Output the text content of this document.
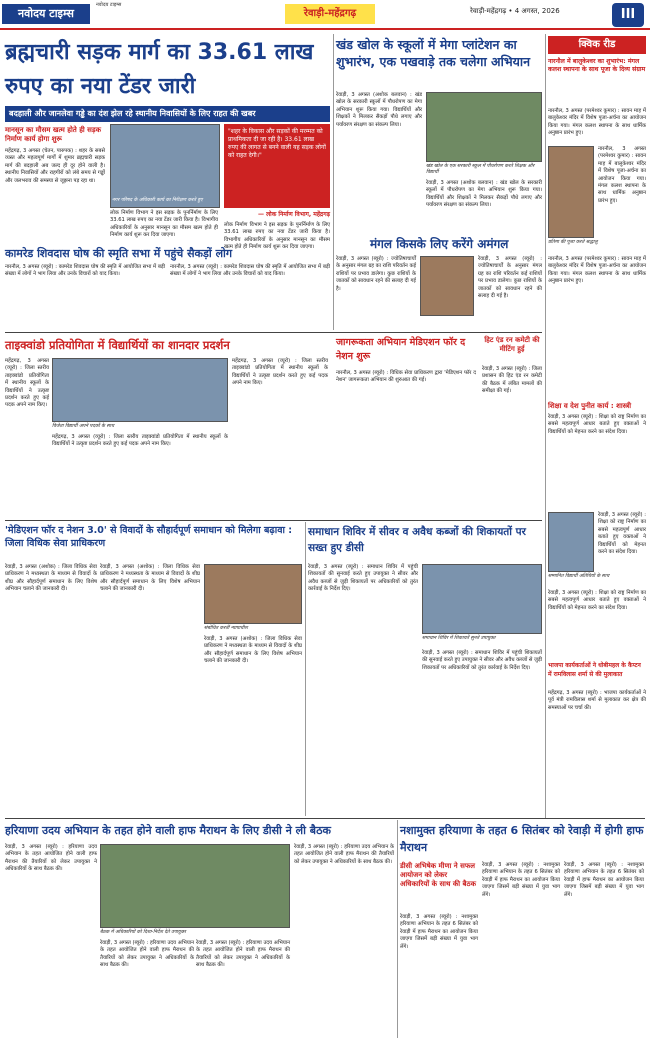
नवोदय टाइम्स
नवोदय टाइम्स
रेवाड़ी-महेंद्रगढ़	रेवाड़ी-महेंद्रगढ़ • 4 अगस्त, 2026	III
ब्रह्मचारी सड़क मार्ग का 33.61 लाख रुपए का नया टेंडर जारी
बदहाली और जानलेवा गड्ढे का दंश झेल रहे स्थानीय निवासियों के लिए राहत की खबर
मानसून का मौसम खत्म होते ही सड़क निर्माण कार्य होगा शुरू
महेंद्रगढ़, 3 अगस्त (चेतन, पारुपक) : शहर के सबसे व्यस्त और महत्वपूर्ण मार्गों में शुमार ब्रह्मचारी सड़क मार्ग की बदहाली अब जल्द ही दूर होने वाली है। स्थानीय निवासियों और राहगीरों को लंबे समय से गड्ढों और जलभराव की समस्या से जूझना पड़ रहा था।
लोक निर्माण विभाग ने इस सड़क के पुनर्निर्माण के लिए 33.61 लाख रुपए का नया टेंडर जारी किया है। विभागीय अधिकारियों के अनुसार मानसून का मौसम खत्म होते ही निर्माण कार्य शुरू कर दिया जाएगा।
नगर परिषद के अधिकारी कार्य का निरीक्षण करते हुए
"शहर के विकास और सड़कों की मरम्मत को प्राथमिकता दी जा रही है। 33.61 लाख रुपए की लागत से बनने वाली यह सड़क लोगों को राहत देगी।"
— लोक निर्माण विभाग, महेंद्रगढ़
लोक निर्माण विभाग ने इस सड़क के पुनर्निर्माण के लिए 33.61 लाख रुपए का नया टेंडर जारी किया है। विभागीय अधिकारियों के अनुसार मानसून का मौसम खत्म होते ही निर्माण कार्य शुरू कर दिया जाएगा।
खंड खोल के स्कूलों में मेगा प्लांटेशन का शुभारंभ, एक पखवाड़े तक चलेगा अभियान
रेवाड़ी, 3 अगस्त (अशोक बलवान) : खंड खोल के सरकारी स्कूलों में पौधरोपण का मेगा अभियान शुरू किया गया। विद्यार्थियों और शिक्षकों ने मिलकर सैकड़ों पौधे लगाए और पर्यावरण संरक्षण का संकल्प लिया।
खंड खोल के एक सरकारी स्कूल में पौधरोपण करते शिक्षक और विद्यार्थी
रेवाड़ी, 3 अगस्त (अशोक बलवान) : खंड खोल के सरकारी स्कूलों में पौधरोपण का मेगा अभियान शुरू किया गया। विद्यार्थियों और शिक्षकों ने मिलकर सैकड़ों पौधे लगाए और पर्यावरण संरक्षण का संकल्प लिया।
मंगल किसके लिए करेंगे अमंगल
रेवाड़ी, 3 अगस्त (ब्यूरो) : ज्योतिषाचार्यों के अनुसार मंगल ग्रह का राशि परिवर्तन कई राशियों पर प्रभाव डालेगा। कुछ राशियों के जातकों को सावधान रहने की सलाह दी गई है।
रेवाड़ी, 3 अगस्त (ब्यूरो) : ज्योतिषाचार्यों के अनुसार मंगल ग्रह का राशि परिवर्तन कई राशियों पर प्रभाव डालेगा। कुछ राशियों के जातकों को सावधान रहने की सलाह दी गई है।
कामरेड शिवदास घोष की स्मृति सभा में पहुंचे सैकड़ों लोग
नारनौल, 3 अगस्त (ब्यूरो) : कामरेड शिवदास घोष की स्मृति में आयोजित सभा में बड़ी संख्या में लोगों ने भाग लिया और उनके विचारों को याद किया।
नारनौल, 3 अगस्त (ब्यूरो) : कामरेड शिवदास घोष की स्मृति में आयोजित सभा में बड़ी संख्या में लोगों ने भाग लिया और उनके विचारों को याद किया।
ताइक्वांडो प्रतियोगिता में विद्यार्थियों का शानदार प्रदर्शन
विजेता विद्यार्थी अपने पदकों के साथ
महेंद्रगढ़, 3 अगस्त (व्यूरो) : जिला स्तरीय ताइक्वांडो प्रतियोगिता में स्थानीय स्कूलों के विद्यार्थियों ने उत्कृष्ट प्रदर्शन करते हुए कई पदक अपने नाम किए।
महेंद्रगढ़, 3 अगस्त (व्यूरो) : जिला स्तरीय ताइक्वांडो प्रतियोगिता में स्थानीय स्कूलों के विद्यार्थियों ने उत्कृष्ट प्रदर्शन करते हुए कई पदक अपने नाम किए।
महेंद्रगढ़, 3 अगस्त (व्यूरो) : जिला स्तरीय ताइक्वांडो प्रतियोगिता में स्थानीय स्कूलों के विद्यार्थियों ने उत्कृष्ट प्रदर्शन करते हुए कई पदक अपने नाम किए।
जागरूकता अभियान मेडिएशन फॉर द नेशन शुरू
नारनौल, 3 अगस्त (ब्यूरो) : विधिक सेवा प्राधिकरण द्वारा 'मेडिएशन फॉर द नेशन' जागरूकता अभियान की शुरुआत की गई।
हिट एंड रन कमेटी की मीटिंग हुई
रेवाड़ी, 3 अगस्त (ब्यूरो) : जिला प्रशासन की हिट एंड रन कमेटी की बैठक में लंबित मामलों की समीक्षा की गई।
'मेडिएशन फॉर द नेशन 3.0' से विवादों के सौहार्दपूर्ण समाधान को मिलेगा बढ़ावा : जिला विधिक सेवा प्राधिकरण
रेवाड़ी, 3 अगस्त (अशोक) : जिला विधिक सेवा प्राधिकरण ने मध्यस्थता के माध्यम से विवादों के शीघ्र और सौहार्दपूर्ण समाधान के लिए विशेष अभियान चलाने की जानकारी दी।
रेवाड़ी, 3 अगस्त (अशोक) : जिला विधिक सेवा प्राधिकरण ने मध्यस्थता के माध्यम से विवादों के शीघ्र और सौहार्दपूर्ण समाधान के लिए विशेष अभियान चलाने की जानकारी दी।
संबोधित करतीं न्यायाधीश
रेवाड़ी, 3 अगस्त (अशोक) : जिला विधिक सेवा प्राधिकरण ने मध्यस्थता के माध्यम से विवादों के शीघ्र और सौहार्दपूर्ण समाधान के लिए विशेष अभियान चलाने की जानकारी दी।
समाधान शिविर में सीवर व अवैध कब्जों की शिकायतों पर सख्त हुए डीसी
रेवाड़ी, 3 अगस्त (ब्यूरो) : समाधान शिविर में पहुंची शिकायतों की सुनवाई करते हुए उपायुक्त ने सीवर और अवैध कब्जों से जुड़ी शिकायतों पर अधिकारियों को तुरंत कार्रवाई के निर्देश दिए।
समाधान शिविर में शिकायतें सुनते उपायुक्त
रेवाड़ी, 3 अगस्त (ब्यूरो) : समाधान शिविर में पहुंची शिकायतों की सुनवाई करते हुए उपायुक्त ने सीवर और अवैध कब्जों से जुड़ी शिकायतों पर अधिकारियों को तुरंत कार्रवाई के निर्देश दिए।
हरियाणा उदय अभियान के तहत होने वाली हाफ मैराथन के लिए डीसी ने ली बैठक
रेवाड़ी, 3 अगस्त (ब्यूरो) : हरियाणा उदय अभियान के तहत आयोजित होने वाली हाफ मैराथन की तैयारियों को लेकर उपायुक्त ने अधिकारियों के साथ बैठक की।
बैठक में अधिकारियों को दिशा-निर्देश देते उपायुक्त
रेवाड़ी, 3 अगस्त (ब्यूरो) : हरियाणा उदय अभियान के तहत आयोजित होने वाली हाफ मैराथन की तैयारियों को लेकर उपायुक्त ने अधिकारियों के साथ बैठक की।
रेवाड़ी, 3 अगस्त (ब्यूरो) : हरियाणा उदय अभियान के तहत आयोजित होने वाली हाफ मैराथन की तैयारियों को लेकर उपायुक्त ने अधिकारियों के साथ बैठक की।
रेवाड़ी, 3 अगस्त (ब्यूरो) : हरियाणा उदय अभियान के तहत आयोजित होने वाली हाफ मैराथन की तैयारियों को लेकर उपायुक्त ने अधिकारियों के साथ बैठक की।
नशामुक्त हरियाणा के तहत 6 सितंबर को रेवाड़ी में होगी हाफ मैराथन
डीसी अभिषेक मीणा ने सफल आयोजन को लेकर अधिकारियों के साथ की बैठक
रेवाड़ी, 3 अगस्त (ब्यूरो) : नशामुक्त हरियाणा अभियान के तहत 6 सितंबर को रेवाड़ी में हाफ मैराथन का आयोजन किया जाएगा जिसमें बड़ी संख्या में युवा भाग लेंगे।
रेवाड़ी, 3 अगस्त (ब्यूरो) : नशामुक्त हरियाणा अभियान के तहत 6 सितंबर को रेवाड़ी में हाफ मैराथन का आयोजन किया जाएगा जिसमें बड़ी संख्या में युवा भाग लेंगे।
रेवाड़ी, 3 अगस्त (ब्यूरो) : नशामुक्त हरियाणा अभियान के तहत 6 सितंबर को रेवाड़ी में हाफ मैराथन का आयोजन किया जाएगा जिसमें बड़ी संख्या में युवा भाग लेंगे।
क्विक रीड
नारनौल में बालुकेश्वर का शुभारंभ: मंगल कलश स्थापना के साथ पूजा के दिव्य संग्राम
नारनौल, 3 अगस्त (परमेश्वर कुमार) : सावन माह में बालुकेश्वर मंदिर में विशेष पूजा-अर्चना का आयोजन किया गया। मंगल कलश स्थापना के साथ धार्मिक अनुष्ठान प्रारंभ हुए।
नारनौल, 3 अगस्त (परमेश्वर कुमार) : सावन माह में बालुकेश्वर मंदिर में विशेष पूजा-अर्चना का आयोजन किया गया। मंगल कलश स्थापना के साथ धार्मिक अनुष्ठान प्रारंभ हुए।
प्रतिमा की पूजा करते श्रद्धालु
नारनौल, 3 अगस्त (परमेश्वर कुमार) : सावन माह में बालुकेश्वर मंदिर में विशेष पूजा-अर्चना का आयोजन किया गया। मंगल कलश स्थापना के साथ धार्मिक अनुष्ठान प्रारंभ हुए।
शिक्षा व देश पुनीत कार्य : शास्त्री
रेवाड़ी, 3 अगस्त (ब्यूरो) : शिक्षा को राष्ट्र निर्माण का सबसे महत्वपूर्ण आधार बताते हुए वक्ताओं ने विद्यार्थियों को मेहनत करने का संदेश दिया।
रेवाड़ी, 3 अगस्त (ब्यूरो) : शिक्षा को राष्ट्र निर्माण का सबसे महत्वपूर्ण आधार बताते हुए वक्ताओं ने विद्यार्थियों को मेहनत करने का संदेश दिया।
सम्मानित विद्यार्थी अतिथियों के साथ
रेवाड़ी, 3 अगस्त (ब्यूरो) : शिक्षा को राष्ट्र निर्माण का सबसे महत्वपूर्ण आधार बताते हुए वक्ताओं ने विद्यार्थियों को मेहनत करने का संदेश दिया।
भाजपा कार्यकर्ताओं ने धोबीमहल के कैप्टन में रामविलास शर्मा से की मुलाकात
महेंद्रगढ़, 3 अगस्त (ब्यूरो) : भाजपा कार्यकर्ताओं ने पूर्व मंत्री रामविलास शर्मा से मुलाकात कर क्षेत्र की समस्याओं पर चर्चा की।
